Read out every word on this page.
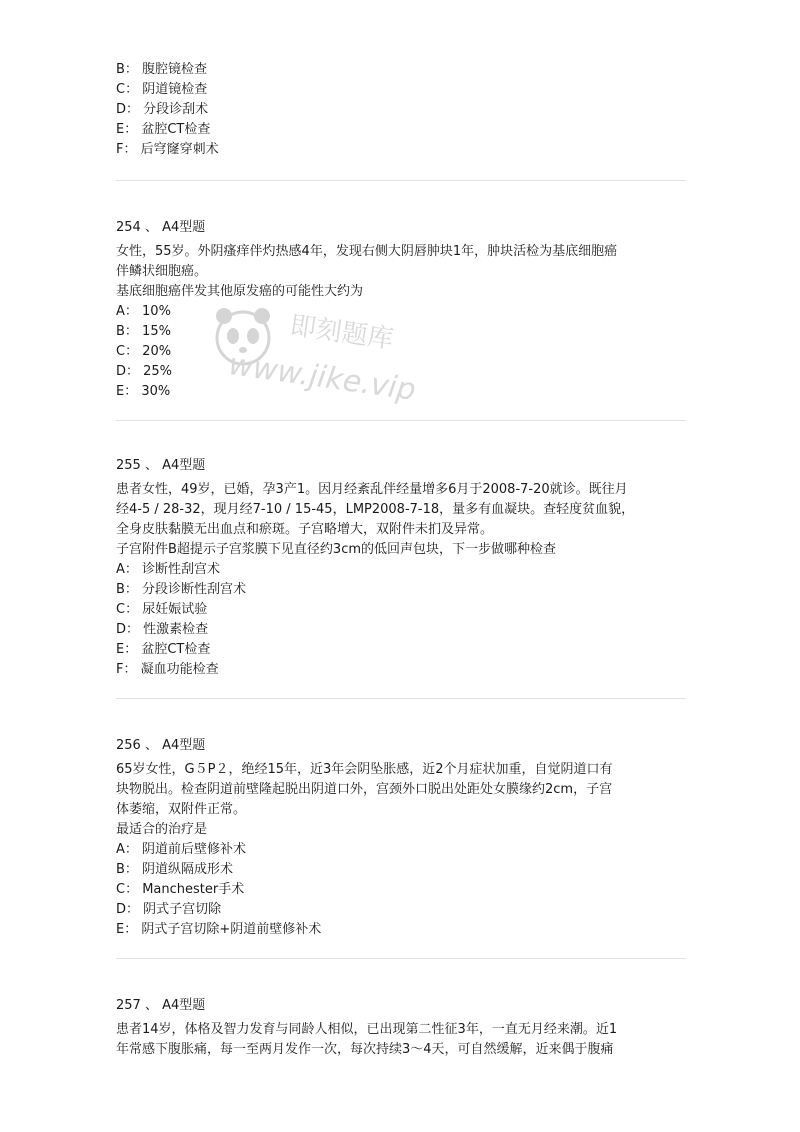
B： 腹腔镜检查
C： 阴道镜检查
D： 分段诊刮术
E： 盆腔CT检查
F： 后穹窿穿刺术
254 、 A4型题
女性，55岁。外阴瘙痒伴灼热感4年，发现右侧大阴唇肿块1年，肿块活检为基底细胞癌
伴鳞状细胞癌。
基底细胞癌伴发其他原发癌的可能性大约为
A： 10%
B： 15%
C： 20%
D： 25%
E： 30%
255 、 A4型题
患者女性，49岁，已婚，孕3产1。因月经紊乱伴经量增多6月于2008-7-20就诊。既往月
经4-5 / 28-32，现月经7-10 / 15-45，LMP2008-7-18，量多有血凝块。查轻度贫血貌，
全身皮肤黏膜无出血点和瘀斑。子宫略增大，双附件未扪及异常。
子宫附件B超提示子宫浆膜下见直径约3cm的低回声包块，下一步做哪种检查
A： 诊断性刮宫术
B： 分段诊断性刮宫术
C： 尿妊娠试验
D： 性激素检查
E： 盆腔CT检查
F： 凝血功能检查
256 、 A4型题
65岁女性，G５P２，绝经15年，近3年会阴坠胀感，近2个月症状加重，自觉阴道口有
块物脱出。检查阴道前壁隆起脱出阴道口外，宫颈外口脱出处距处女膜缘约2cm，子宫
体萎缩，双附件正常。
最适合的治疗是
A： 阴道前后壁修补术
B： 阴道纵隔成形术
C： Manchester手术
D： 阴式子宫切除
E： 阴式子宫切除+阴道前壁修补术
257 、 A4型题
患者14岁，体格及智力发育与同龄人相似，已出现第二性征3年，一直无月经来潮。近1
年常感下腹胀痛，每一至两月发作一次，每次持续3～4天，可自然缓解，近来偶于腹痛
即刻题库
www.jike.vip
